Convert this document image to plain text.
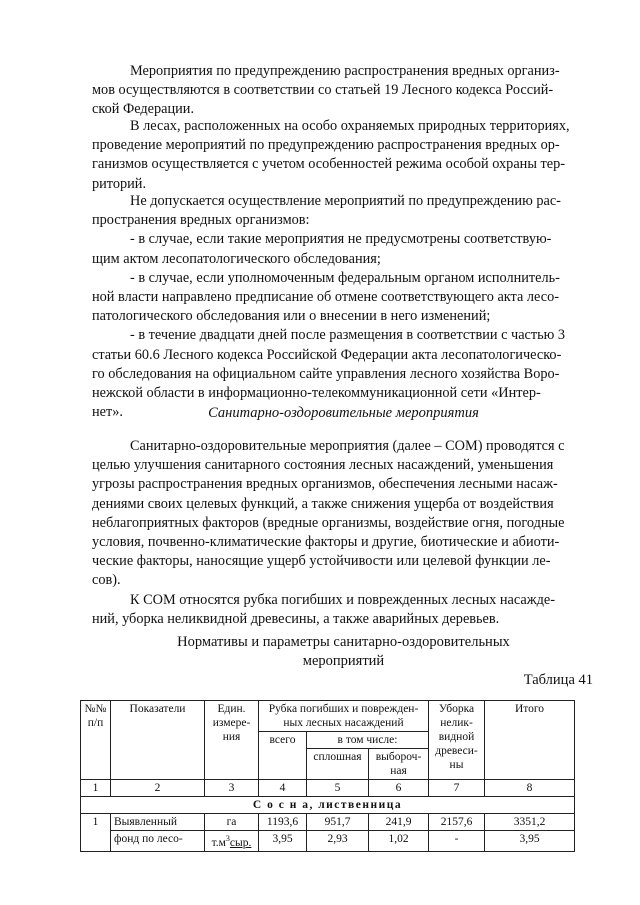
Мероприятия по предупреждению распространения вредных организ-
мов осуществляются в соответствии со статьей 19 Лесного кодекса Россий-
ской Федерации.
В лесах, расположенных на особо охраняемых природных территориях,
проведение мероприятий по предупреждению распространения вредных ор-
ганизмов осуществляется с учетом особенностей режима особой охраны тер-
риторий.
Не допускается осуществление мероприятий по предупреждению рас-
пространения вредных организмов:
- в случае, если такие мероприятия не предусмотрены соответствую-
щим актом лесопатологического обследования;
- в случае, если уполномоченным федеральным органом исполнитель-
ной власти направлено предписание об отмене соответствующего акта лесо-
патологического обследования или о внесении в него изменений;
- в течение двадцати дней после размещения в соответствии с частью 3
статьи 60.6 Лесного кодекса Российской Федерации акта лесопатологическо-
го обследования на официальном сайте управления лесного хозяйства Воро-
нежской области в информационно-телекоммуникационной сети «Интер-
нет».	Санитарно-оздоровительные мероприятия
Санитарно-оздоровительные мероприятия (далее – СОМ) проводятся с
целью улучшения санитарного состояния лесных насаждений, уменьшения
угрозы распространения вредных организмов, обеспечения лесными насаж-
дениями своих целевых функций, а также снижения ущерба от воздействия
неблагоприятных факторов (вредные организмы, воздействие огня, погодные
условия, почвенно-климатические факторы и другие, биотические и абиоти-
ческие факторы, наносящие ущерб устойчивости или целевой функции ле-
сов).
К СОМ относятся рубка погибших и поврежденных лесных насажде-
ний, уборка неликвидной древесины, а также аварийных деревьев.
Нормативы и параметры санитарно-оздоровительных
мероприятий
Таблица 41
№№ п/п	Показатели	Един. измере-ния	Рубка погибших и поврежден-ных лесных насаждений			Уборка нелик-видной древеси-ны	Итого
			всего	в том числе:			
				сплошная	выбороч-ная		
1	2	3	4	5	6	7	8
С о с н а, лиственница							
1	Выявленный	га	1193,6	951,7	241,9	2157,6	3351,2
	фонд по лесо-	$т.м^3сыр$.	3,95	2,93	1,02	-	3,95
